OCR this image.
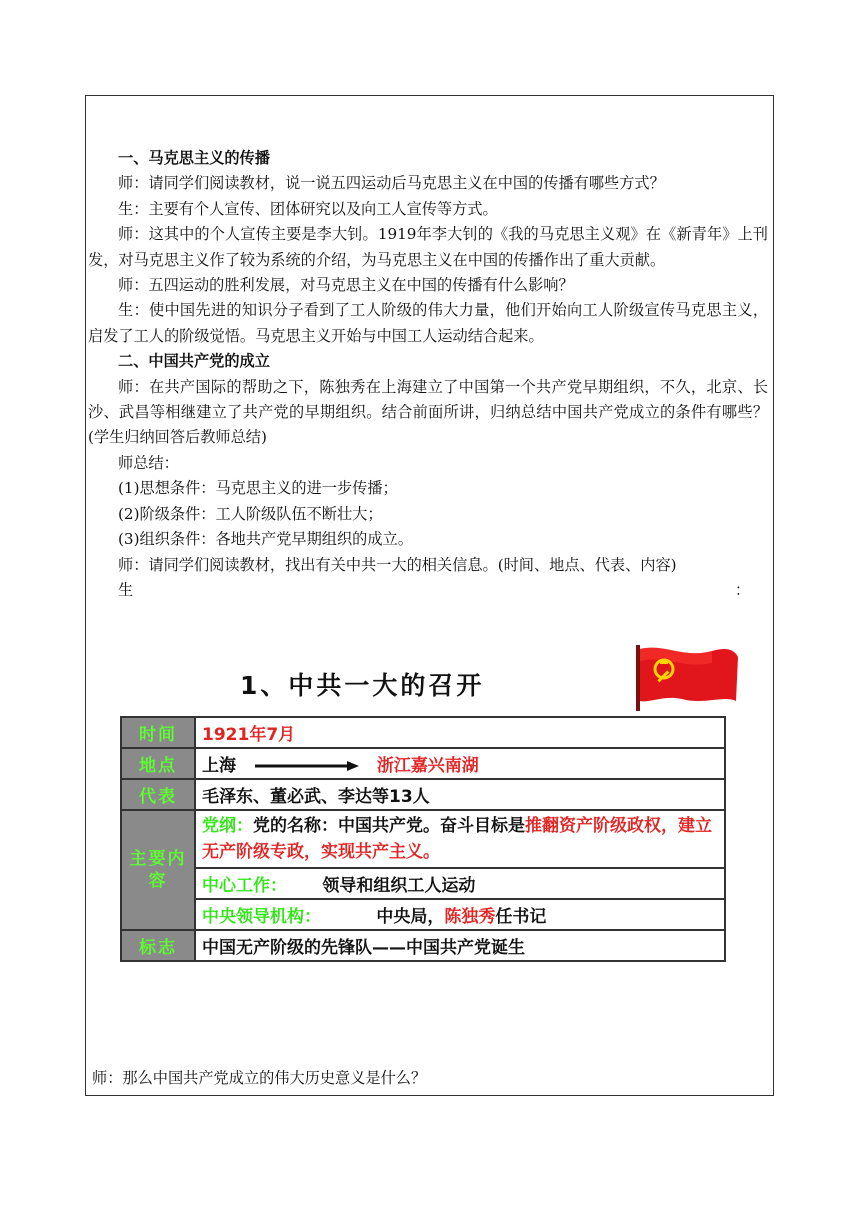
一、马克思主义的传播

师：请同学们阅读教材，说一说五四运动后马克思主义在中国的传播有哪些方式？

生：主要有个人宣传、团体研究以及向工人宣传等方式。

师：这其中的个人宣传主要是李大钊。1919年李大钊的《我的马克思主义观》在《新青年》上刊发，对马克思主义作了较为系统的介绍，为马克思主义在中国的传播作出了重大贡献。

师：五四运动的胜利发展，对马克思主义在中国的传播有什么影响？

生：使中国先进的知识分子看到了工人阶级的伟大力量，他们开始向工人阶级宣传马克思主义，启发了工人的阶级觉悟。马克思主义开始与中国工人运动结合起来。

二、中国共产党的成立

师：在共产国际的帮助之下，陈独秀在上海建立了中国第一个共产党早期组织，不久，北京、长沙、武昌等相继建立了共产党的早期组织。结合前面所讲，归纳总结中国共产党成立的条件有哪些？(学生归纳回答后教师总结)

师总结：

(1)思想条件：马克思主义的进一步传播；

(2)阶级条件：工人阶级队伍不断壮大；

(3)组织条件：各地共产党早期组织的成立。

师：请同学们阅读教材，找出有关中共一大的相关信息。(时间、地点、代表、内容)

生	：

1、中共一大的召开
时间	1921年7月
地点	上海 浙江嘉兴南湖
代表	毛泽东、董必武、李达等13人
主要内容	党纲：党的名称：中国共产党。奋斗目标是推翻资产阶级政权，建立无产阶级专政，实现共产主义。
	中心工作： 领导和组织工人运动
	中央领导机构： 中央局，陈独秀任书记
标志	中国无产阶级的先锋队——中国共产党诞生
师：那么中国共产党成立的伟大历史意义是什么？
